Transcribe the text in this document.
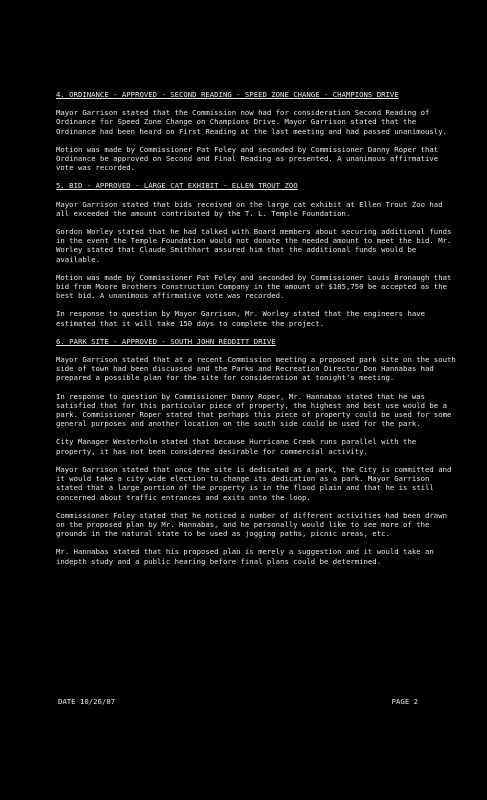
4. ORDINANCE - APPROVED - SECOND READING - SPEED ZONE CHANGE - CHAMPIONS DRIVE

Mayor Garrison stated that the Commission now had for consideration Second Reading of Ordinance for Speed Zone Change on Champions Drive. Mayor Garrison stated that the Ordinance had been heard on First Reading at the last meeting and had passed unanimously.

Motion was made by Commissioner Pat Foley and seconded by Commissioner Danny Roper that Ordinance be approved on Second and Final Reading as presented. A unanimous affirmative vote was recorded.

5. BID - APPROVED - LARGE CAT EXHIBIT - ELLEN TROUT ZOO

Mayor Garrison stated that bids received on the large cat exhibit at Ellen Trout Zoo had all exceeded the amount contributed by the T. L. Temple Foundation.

Gordon Worley stated that he had talked with Board members about securing additional funds in the event the Temple Foundation would not donate the needed amount to meet the bid. Mr. Worley stated that Claude Smithhart assured him that the additional funds would be available.

Motion was made by Commissioner Pat Foley and seconded by Commissioner Louis Bronaugh that bid from Moore Brothers Construction Company in the amount of $185,750 be accepted as the best bid. A unanimous affirmative vote was recorded.

In response to question by Mayor Garrison, Mr. Worley stated that the engineers have estimated that it will take 150 days to complete the project.

6. PARK SITE - APPROVED - SOUTH JOHN REDDITT DRIVE

Mayor Garrison stated that at a recent Commission meeting a proposed park site on the south side of town had been discussed and the Parks and Recreation Director Don Hannabas had prepared a possible plan for the site for consideration at tonight's meeting.

In response to question by Commissioner Danny Roper, Mr. Hannabas stated that he was satisfied that for this particular piece of property, the highest and best use would be a park. Commissioner Roper stated that perhaps this piece of property could be used for some general purposes and another location on the south side could be used for the park.

City Manager Westerholm stated that because Hurricane Creek runs parallel with the property, it has not been considered desirable for commercial activity.

Mayor Garrison stated that once the site is dedicated as a park, the City is committed and it would take a city wide election to change its dedication as a park. Mayor Garrison stated that a large portion of the property is in the flood plain and that he is still concerned about traffic entrances and exits onto the loop.

Commissioner Foley stated that he noticed a number of different activities had been drawn on the proposed plan by Mr. Hannabas, and he personally would like to see more of the grounds in the natural state to be used as jogging paths, picnic areas, etc.

Mr. Hannabas stated that his proposed plan is merely a suggestion and it would take an indepth study and a public hearing before final plans could be determined.

DATE 10/26/87	PAGE 2
